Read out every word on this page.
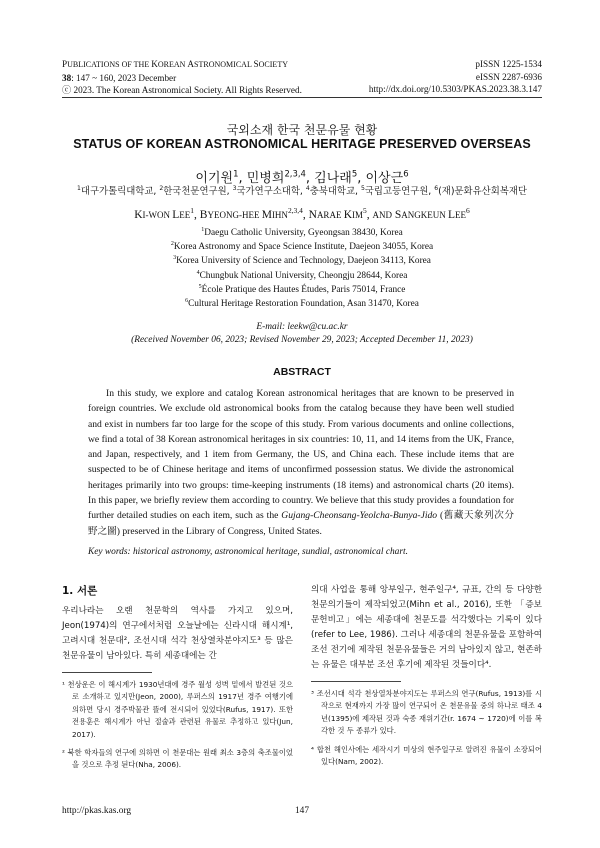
PUBLICATIONS OF THE KOREAN ASTRONOMICAL SOCIETY
38: 147 ~ 160, 2023 December
ⓒ 2023. The Korean Astronomical Society. All Rights Reserved.
pISSN 1225-1534
eISSN 2287-6936
http://dx.doi.org/10.5303/PKAS.2023.38.3.147
국외소재 한국 천문유물 현황
STATUS OF KOREAN ASTRONOMICAL HERITAGE PRESERVED OVERSEAS
이기원$^1$, 민병희$^{2,3,4}$, 김나래$^5$, 이상근$^6$
$^1$대구가톨릭대학교, $^2$한국천문연구원, $^3$국가연구소대학, $^4$충북대학교, $^5$국립고등연구원, $^6$(재)문화유산회복재단
KI-WON LEE$^1$, BYEONG-HEE MIHN$^{2,3,4}$, NARAE KIM$^5$, AND SANGKEUN LEE$^6$
$^1$Daegu Catholic University, Gyeongsan 38430, Korea
$^2$Korea Astronomy and Space Science Institute, Daejeon 34055, Korea
$^3$Korea University of Science and Technology, Daejeon 34113, Korea
$^4$Chungbuk National University, Cheongju 28644, Korea
$^5$École Pratique des Hautes Études, Paris 75014, France
$^6$Cultural Heritage Restoration Foundation, Asan 31470, Korea
E-mail: leekw@cu.ac.kr
(Received November 06, 2023; Revised November 29, 2023; Accepted December 11, 2023)
ABSTRACT

In this study, we explore and catalog Korean astronomical heritages that are known to be preserved in foreign countries. We exclude old astronomical books from the catalog because they have been well studied and exist in numbers far too large for the scope of this study. From various documents and online collections, we find a total of 38 Korean astronomical heritages in six countries: 10, 11, and 14 items from the UK, France, and Japan, respectively, and 1 item from Germany, the US, and China each. These include items that are suspected to be of Chinese heritage and items of unconfirmed possession status. We divide the astronomical heritages primarily into two groups: time-keeping instruments (18 items) and astronomical charts (20 items). In this paper, we briefly review them according to country. We believe that this study provides a foundation for further detailed studies on each item, such as the Gujang-Cheonsang-Yeolcha-Bunya-Jido (舊藏天象列次分野之圖) preserved in the Library of Congress, United States.

Key words: historical astronomy, astronomical heritage, sundial, astronomical chart.
1. 서론

우리나라는 오랜 천문학의 역사를 가지고 있으며, Jeon(1974)의 연구에서처럼 오늘날에는 신라시대 해시계¹, 고려시대 천문대², 조선시대 석각 천상열차분야지도³ 등 많은 천문유물이 남아있다. 특히 세종대에는 간

¹ 천상운은 이 해시계가 1930년대에 경주 월성 성벽 밑에서 발견된 것으로 소개하고 있지만(Jeon, 2000), 루퍼스의 1917년 경주 여행기에 의하면 당시 경주박물관 뜰에 전시되어 있었다(Rufus, 1917). 또한 전용훈은 해시계가 아닌 절술과 관련된 유물로 추정하고 있다(Jun, 2017).

² 북한 학자들의 연구에 의하면 이 천문대는 원래 최소 3층의 축조물이었을 것으로 추정 된다(Nha, 2006).

의대 사업을 통해 앙부일구, 현주일구⁴, 규표, 간의 등 다양한 천문의기들이 제작되었고(Mihn et al., 2016), 또한 「증보문헌비고」에는 세종대에 천문도를 석각했다는 기록이 있다(refer to Lee, 1986). 그러나 세종대의 천문유물을 포함하여 조선 전기에 제작된 천문유물들은 거의 남아있지 않고, 현존하는 유물은 대부분 조선 후기에 제작된 것들이다⁴.

³ 조선시대 석각 천상열차분야지도는 루퍼스의 연구(Rufus, 1913)를 시작으로 현재까지 가장 많이 연구되어 온 천문유물 중의 하나로 태조 4년(1395)에 제작된 것과 숙종 재위기간(r. 1674 ~ 1720)에 이를 복각한 것 두 종류가 있다.

⁴ 합천 해인사에는 세작시기 미상의 현주일구로 알려진 유물이 소장되어 있다(Nam, 2002).

http://pkas.kas.org	147
